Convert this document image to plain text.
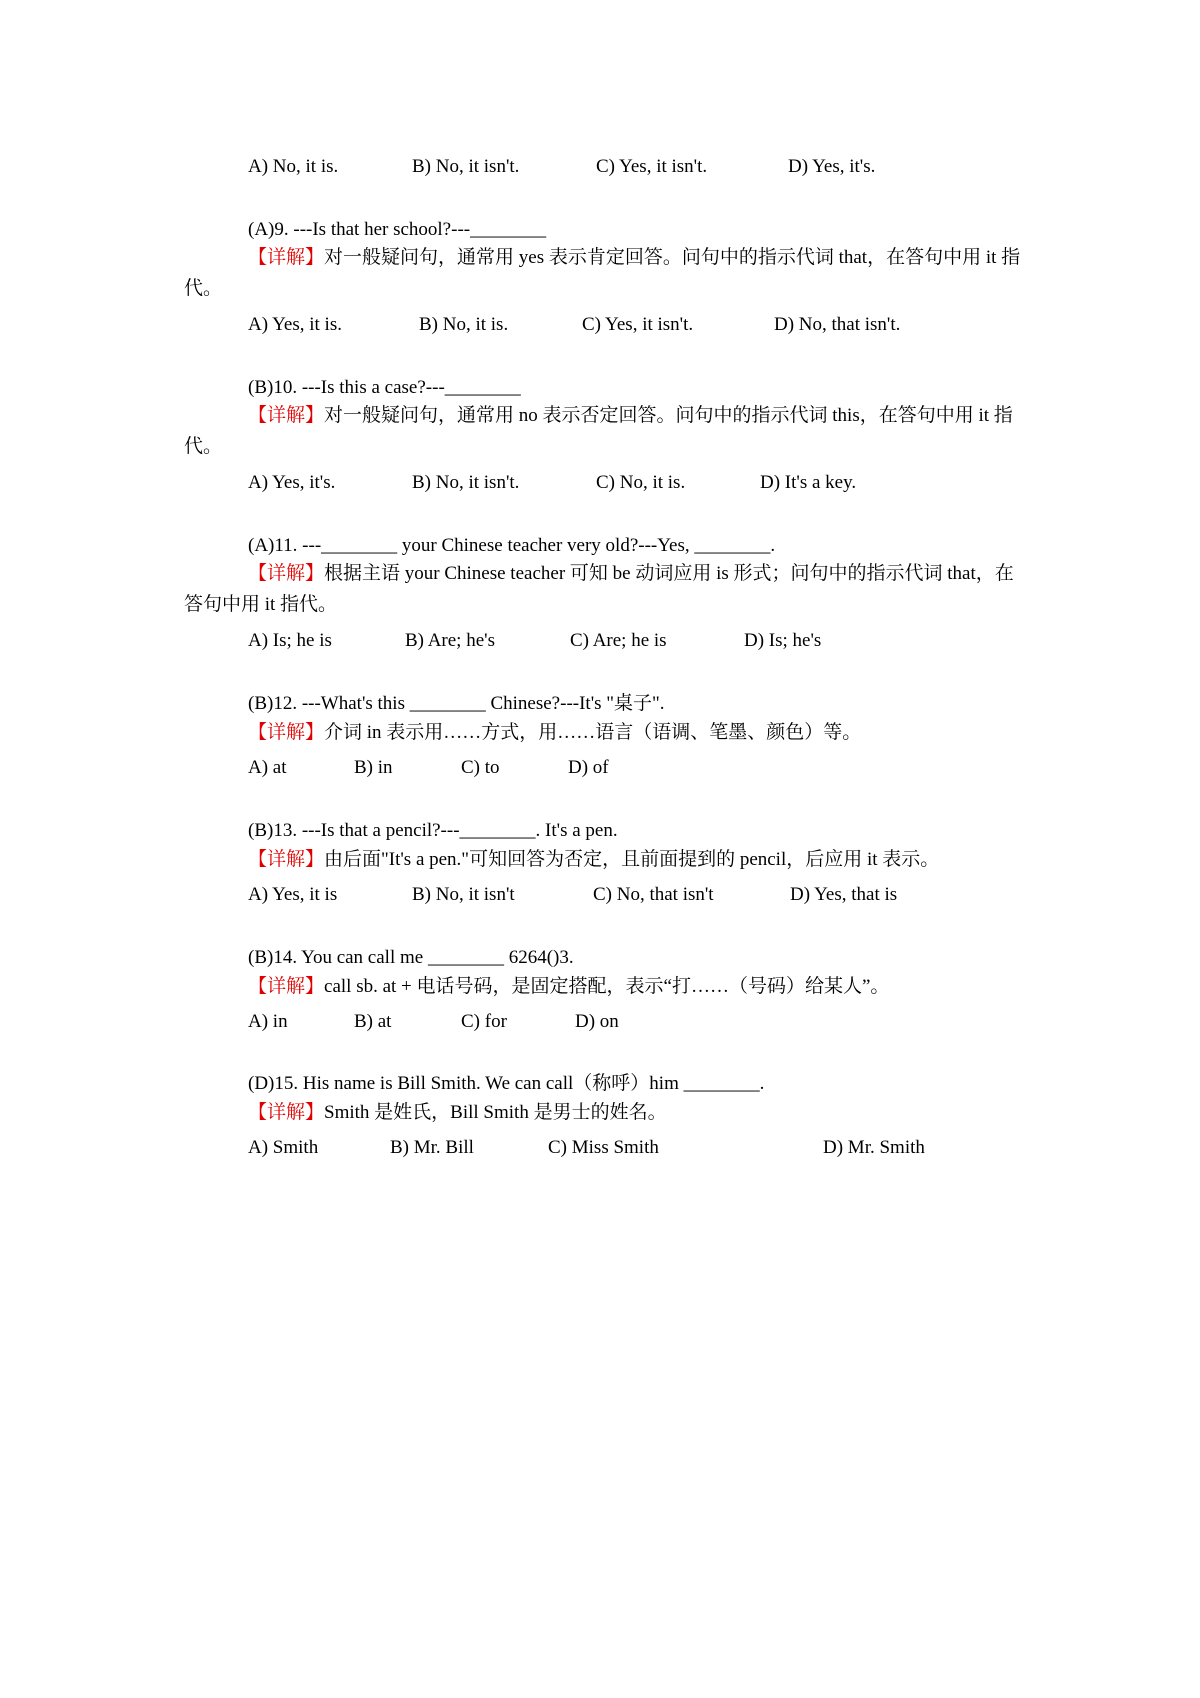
A) No, it is.	B) No, it isn't.	C) Yes, it isn't.	D) Yes, it's.
(A)9. ---Is that her school?---________
【详解】对一般疑问句，通常用 yes 表示肯定回答。问句中的指示代词 that，在答句中用 it 指代。
A) Yes, it is.	B) No, it is.	C) Yes, it isn't.	D) No, that isn't.
(B)10. ---Is this a case?---________
【详解】对一般疑问句，通常用 no 表示否定回答。问句中的指示代词 this，在答句中用 it 指代。
A) Yes, it's.	B) No, it isn't.	C) No, it is.	D) It's a key.
(A)11. ---________ your Chinese teacher very old?---Yes, ________.
【详解】根据主语 your Chinese teacher 可知 be 动词应用 is 形式；问句中的指示代词 that，在答句中用 it 指代。
A) Is; he is	B) Are; he's	C) Are; he is	D) Is; he's
(B)12. ---What's this ________ Chinese?---It's "桌子".
【详解】介词 in 表示用……方式，用……语言（语调、笔墨、颜色）等。
A) at	B) in	C) to	D) of
(B)13. ---Is that a pencil?---________. It's a pen.
【详解】由后面"It's a pen."可知回答为否定，且前面提到的 pencil，后应用 it 表示。
A) Yes, it is	B) No, it isn't	C) No, that isn't	D) Yes, that is
(B)14. You can call me ________ 6264()3.
【详解】call sb. at + 电话号码，是固定搭配，表示“打……（号码）给某人”。
A) in	B) at	C) for	D) on
(D)15. His name is Bill Smith. We can call（称呼）him ________.
【详解】Smith 是姓氏，Bill Smith 是男士的姓名。
A) Smith	B) Mr. Bill	C) Miss Smith	D) Mr. Smith
